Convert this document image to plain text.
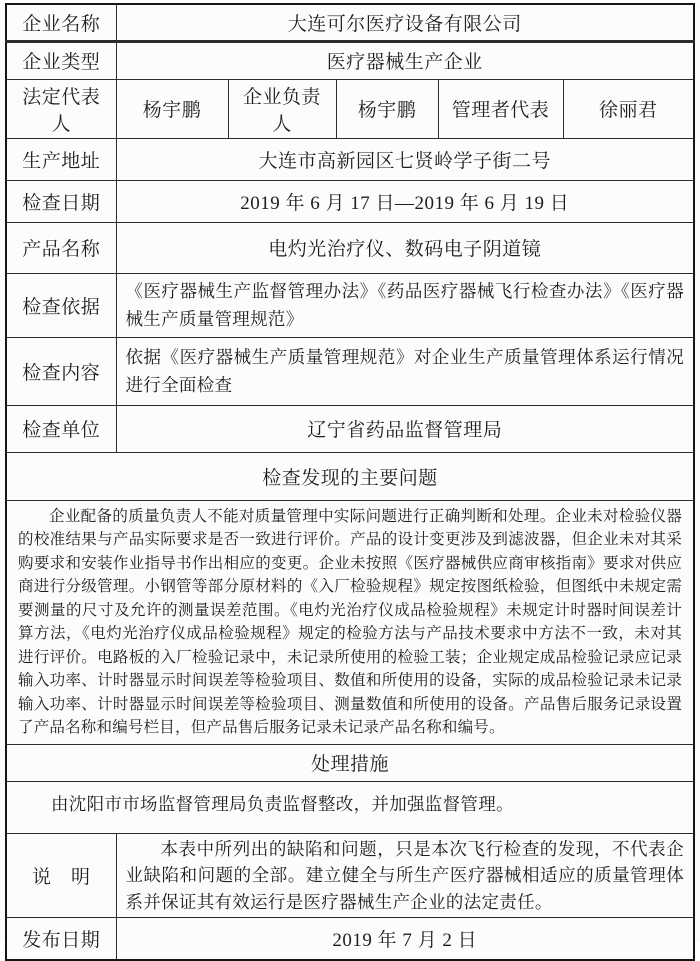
企业名称	大连可尔医疗设备有限公司				
企业类型	医疗器械生产企业				
法定代表人	杨宇鹏	企业负责人	杨宇鹏	管理者代表	徐丽君
生产地址	大连市高新园区七贤岭学子街二号				
检查日期	2019 年 6 月 17 日—2019 年 6 月 19 日				
产品名称	电灼光治疗仪、数码电子阴道镜				
检查依据	《医疗器械生产监督管理办法》《药品医疗器械飞行检查办法》《医疗器械生产质量管理规范》				
检查内容	依据《医疗器械生产质量管理规范》对企业生产质量管理体系运行情况进行全面检查				
检查单位	辽宁省药品监督管理局				
检查发现的主要问题					
企业配备的质量负责人不能对质量管理中实际问题进行正确判断和处理。企业未对检验仪器的校准结果与产品实际要求是否一致进行评价。产品的设计变更涉及到滤波器，但企业未对其采购要求和安装作业指导书作出相应的变更。企业未按照《医疗器械供应商审核指南》要求对供应商进行分级管理。小钢管等部分原材料的《入厂检验规程》规定按图纸检验，但图纸中未规定需要测量的尺寸及允许的测量误差范围。《电灼光治疗仪成品检验规程》未规定计时器时间误差计算方法，《电灼光治疗仪成品检验规程》规定的检验方法与产品技术要求中方法不一致，未对其进行评价。电路板的入厂检验记录中，未记录所使用的检验工装；企业规定成品检验记录应记录输入功率、计时器显示时间误差等检验项目、数值和所使用的设备，实际的成品检验记录未记录输入功率、计时器显示时间误差等检验项目、测量数值和所使用的设备。产品售后服务记录设置了产品名称和编号栏目，但产品售后服务记录未记录产品名称和编号。					
处理措施					
由沈阳市市场监督管理局负责监督整改，并加强监督管理。					
说　明	本表中所列出的缺陷和问题，只是本次飞行检查的发现，不代表企业缺陷和问题的全部。建立健全与所生产医疗器械相适应的质量管理体系并保证其有效运行是医疗器械生产企业的法定责任。				
发布日期	2019 年 7 月 2 日				
